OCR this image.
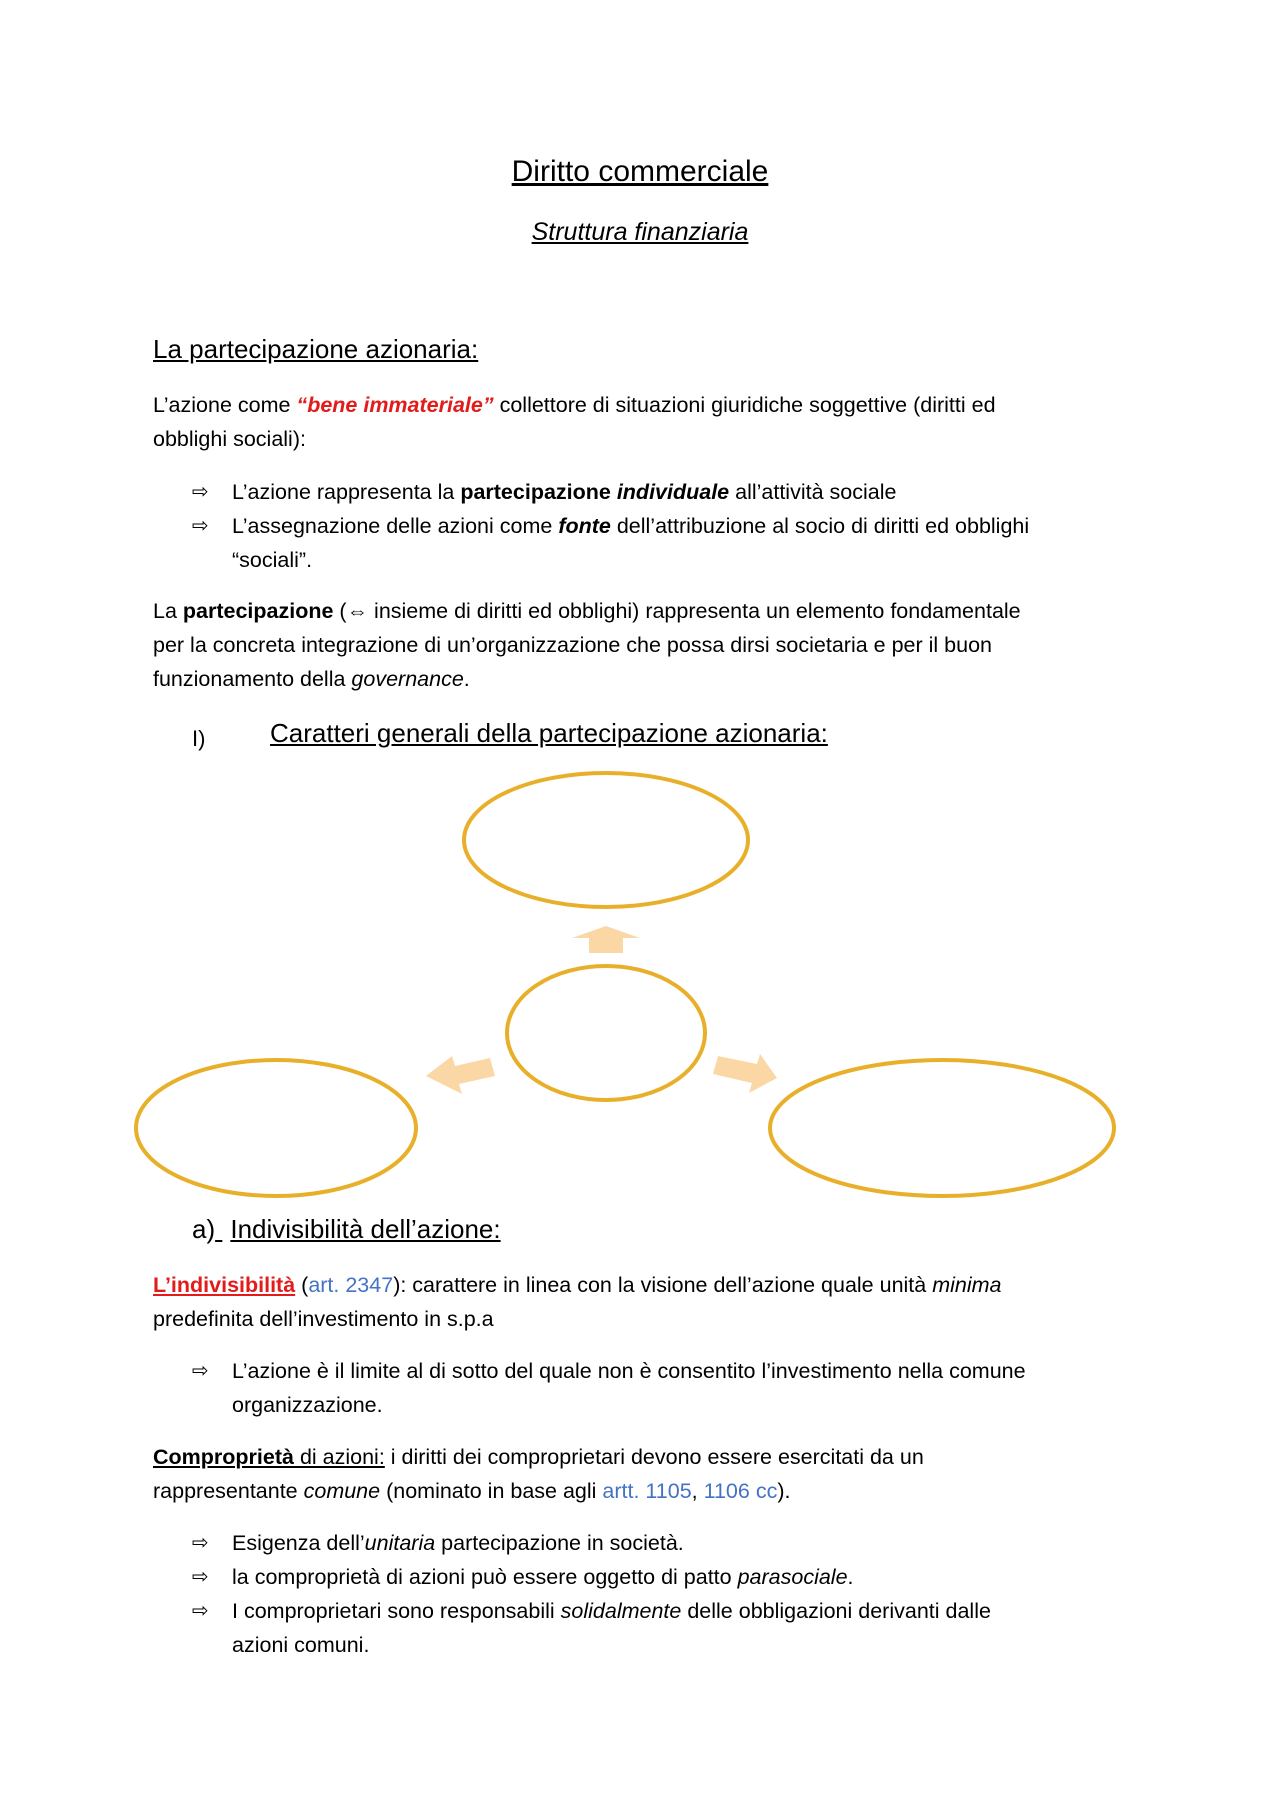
Diritto commerciale
Struttura finanziaria
La partecipazione azionaria:
L’azione come “bene immateriale” collettore di situazioni giuridiche soggettive (diritti ed
obblighi sociali):
⇨	L’azione rappresenta la partecipazione individuale all’attività sociale
⇨	L’assegnazione delle azioni come fonte dell’attribuzione al socio di diritti ed obblighi
“sociali”.
La partecipazione (⇔ insieme di diritti ed obblighi) rappresenta un elemento fondamentale
per la concreta integrazione di un’organizzazione che possa dirsi societaria e per il buon
funzionamento della governance.
I) Caratteri generali della partecipazione azionaria:
a) Indivisibilità dell’azione:
L’indivisibilità (art. 2347): carattere in linea con la visione dell’azione quale unità minima
predefinita dell’investimento in s.p.a
⇨	L’azione è il limite al di sotto del quale non è consentito l’investimento nella comune
organizzazione.
Comproprietà di azioni: i diritti dei comproprietari devono essere esercitati da un
rappresentante comune (nominato in base agli artt. 1105, 1106 cc).
⇨	Esigenza dell’unitaria partecipazione in società.
⇨	la comproprietà di azioni può essere oggetto di patto parasociale.
⇨	I comproprietari sono responsabili solidalmente delle obbligazioni derivanti dalle
azioni comuni.
